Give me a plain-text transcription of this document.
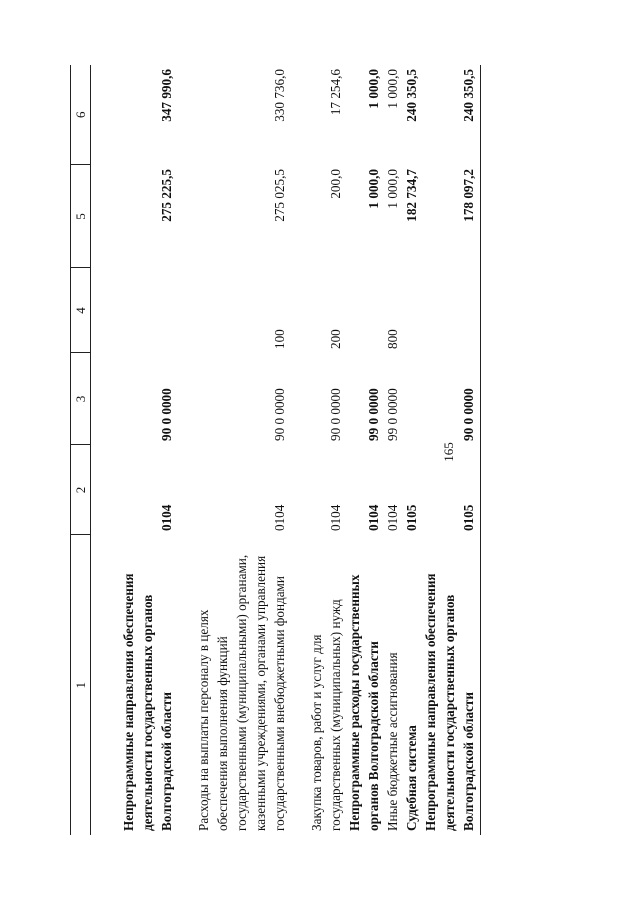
165
1	2	3	4	5	6
Непрограммные направления обеспечения деятельности государственных органов Волгоградской области	0104	90 0 0000		275 225,5	347 990,6
Расходы на выплаты персоналу в целях обеспечения выполнения функций государственными (муниципальными) органами, казенными учреждениями, органами управления государственными внебюджетными фондами	0104	90 0 0000	100	275 025,5	330 736,0
Закупка товаров, работ и услуг для государственных (муниципальных) нужд	0104	90 0 0000	200	200,0	17 254,6
Непрограммные расходы государственных органов Волгоградской области	0104	99 0 0000		1 000,0	1 000,0
Иные бюджетные ассигнования	0104	99 0 0000	800	1 000,0	1 000,0
Судебная система	0105			182 734,7	240 350,5
Непрограммные направления обеспечения деятельности государственных органов Волгоградской области	0105	90 0 0000		178 097,2	240 350,5
